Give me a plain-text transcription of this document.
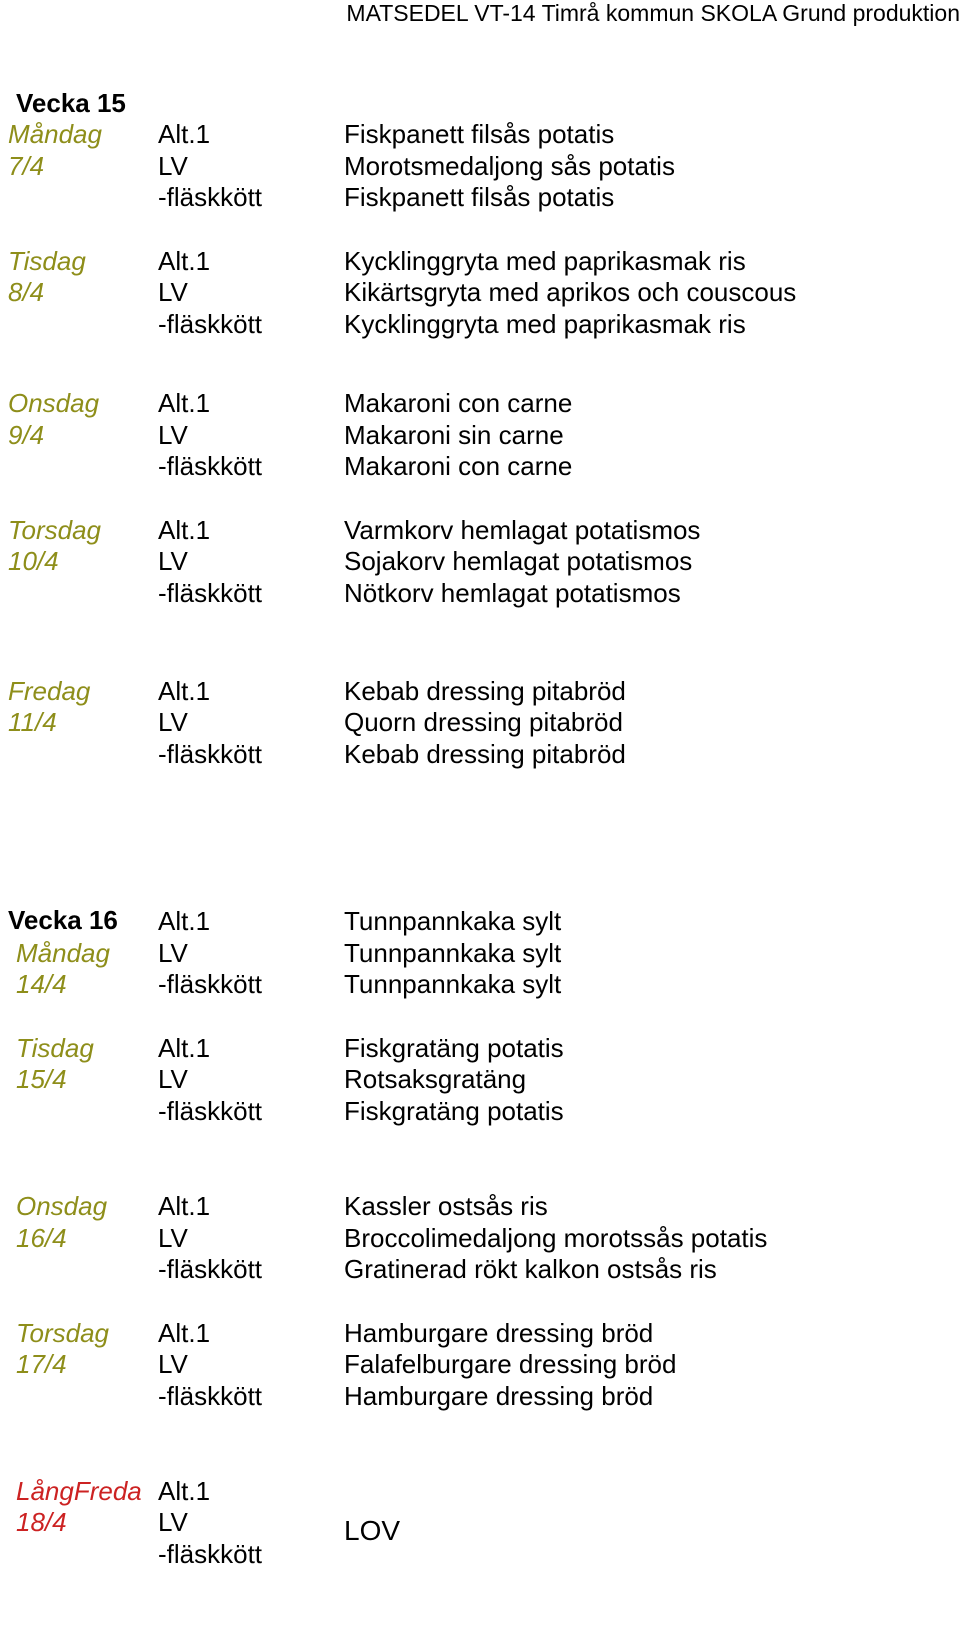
MATSEDEL VT-14 Timrå kommun SKOLA Grund produktion
Vecka 15
Måndag
7/4
Alt.1
LV
-fläskkött
Fiskpanett filsås potatis
Morotsmedaljong sås potatis
Fiskpanett filsås potatis
Tisdag
8/4
Alt.1
LV
-fläskkött
Kycklinggryta med paprikasmak ris
Kikärtsgryta med aprikos och couscous
Kycklinggryta med paprikasmak ris
Onsdag
9/4
Alt.1
LV
-fläskkött
Makaroni con carne
Makaroni sin carne
Makaroni con carne
Torsdag
10/4
Alt.1
LV
-fläskkött
Varmkorv hemlagat potatismos
Sojakorv hemlagat potatismos
Nötkorv hemlagat potatismos
Fredag
11/4
Alt.1
LV
-fläskkött
Kebab dressing pitabröd
Quorn dressing pitabröd
Kebab dressing pitabröd
Vecka 16
Måndag
14/4
Alt.1
LV
-fläskkött
Tunnpannkaka sylt
Tunnpannkaka sylt
Tunnpannkaka sylt
Tisdag
15/4
Alt.1
LV
-fläskkött
Fiskgratäng potatis
Rotsaksgratäng
Fiskgratäng potatis
Onsdag
16/4
Alt.1
LV
-fläskkött
Kassler ostsås ris
Broccolimedaljong morotssås potatis
Gratinerad rökt kalkon ostsås ris
Torsdag
17/4
Alt.1
LV
-fläskkött
Hamburgare dressing bröd
Falafelburgare dressing bröd
Hamburgare dressing bröd
LångFreda
18/4
Alt.1
LV
-fläskkött
LOV
